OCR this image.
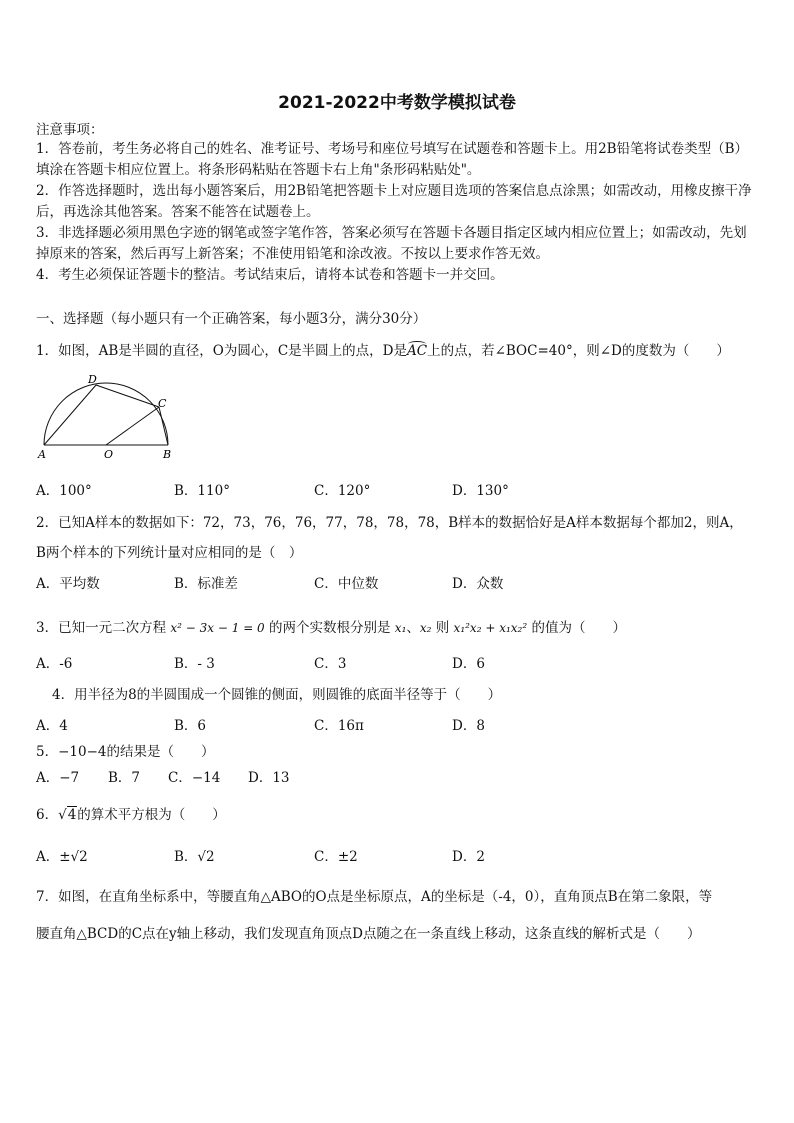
2021-2022中考数学模拟试卷
注意事项：
1．答卷前，考生务必将自己的姓名、准考证号、考场号和座位号填写在试题卷和答题卡上。用2B铅笔将试卷类型（B）填涂在答题卡相应位置上。将条形码粘贴在答题卡右上角"条形码粘贴处"。
2．作答选择题时，选出每小题答案后，用2B铅笔把答题卡上对应题目选项的答案信息点涂黑；如需改动，用橡皮擦干净后，再选涂其他答案。答案不能答在试题卷上。
3．非选择题必须用黑色字迹的钢笔或签字笔作答，答案必须写在答题卡各题目指定区域内相应位置上；如需改动，先划掉原来的答案，然后再写上新答案；不准使用铅笔和涂改液。不按以上要求作答无效。
4．考生必须保证答题卡的整洁。考试结束后，请将本试卷和答题卡一并交回。
一、选择题（每小题只有一个正确答案，每小题3分，满分30分）
1．如图，AB是半圆的直径，O为圆心，C是半圆上的点，D是
AC上的点，若∠BOC=40°，则∠D的度数为（　　）
A	O	B
C
D
A．100°	B．110°	C．120°	D．130°
2．已知A样本的数据如下：72，73，76，76，77，78，78，78，B样本的数据恰好是A样本数据每个都加2，则A，
B两个样本的下列统计量对应相同的是（　）
A．平均数	B．标准差	C．中位数	D．众数
3．已知一元二次方程 x² − 3x − 1 = 0 的两个实数根分别是 x₁、x₂ 则 x₁²x₂ + x₁x₂² 的值为（　　）
A．-6	B．- 3	C．3	D．6
4．用半径为8的半圆围成一个圆锥的侧面，则圆锥的底面半径等于（　　）
A．4	B．6	C．16π	D．8
5．−10−4的结果是（　　）
A．−7 B．7 C．−14 D．13
6．√4的算术平方根为（　　）
A．±√2	B．√2	C．±2	D．2
7．如图，在直角坐标系中，等腰直角△ABO的O点是坐标原点，A的坐标是（-4，0），直角顶点B在第二象限，等
腰直角△BCD的C点在y轴上移动，我们发现直角顶点D点随之在一条直线上移动，这条直线的解析式是（　　）
